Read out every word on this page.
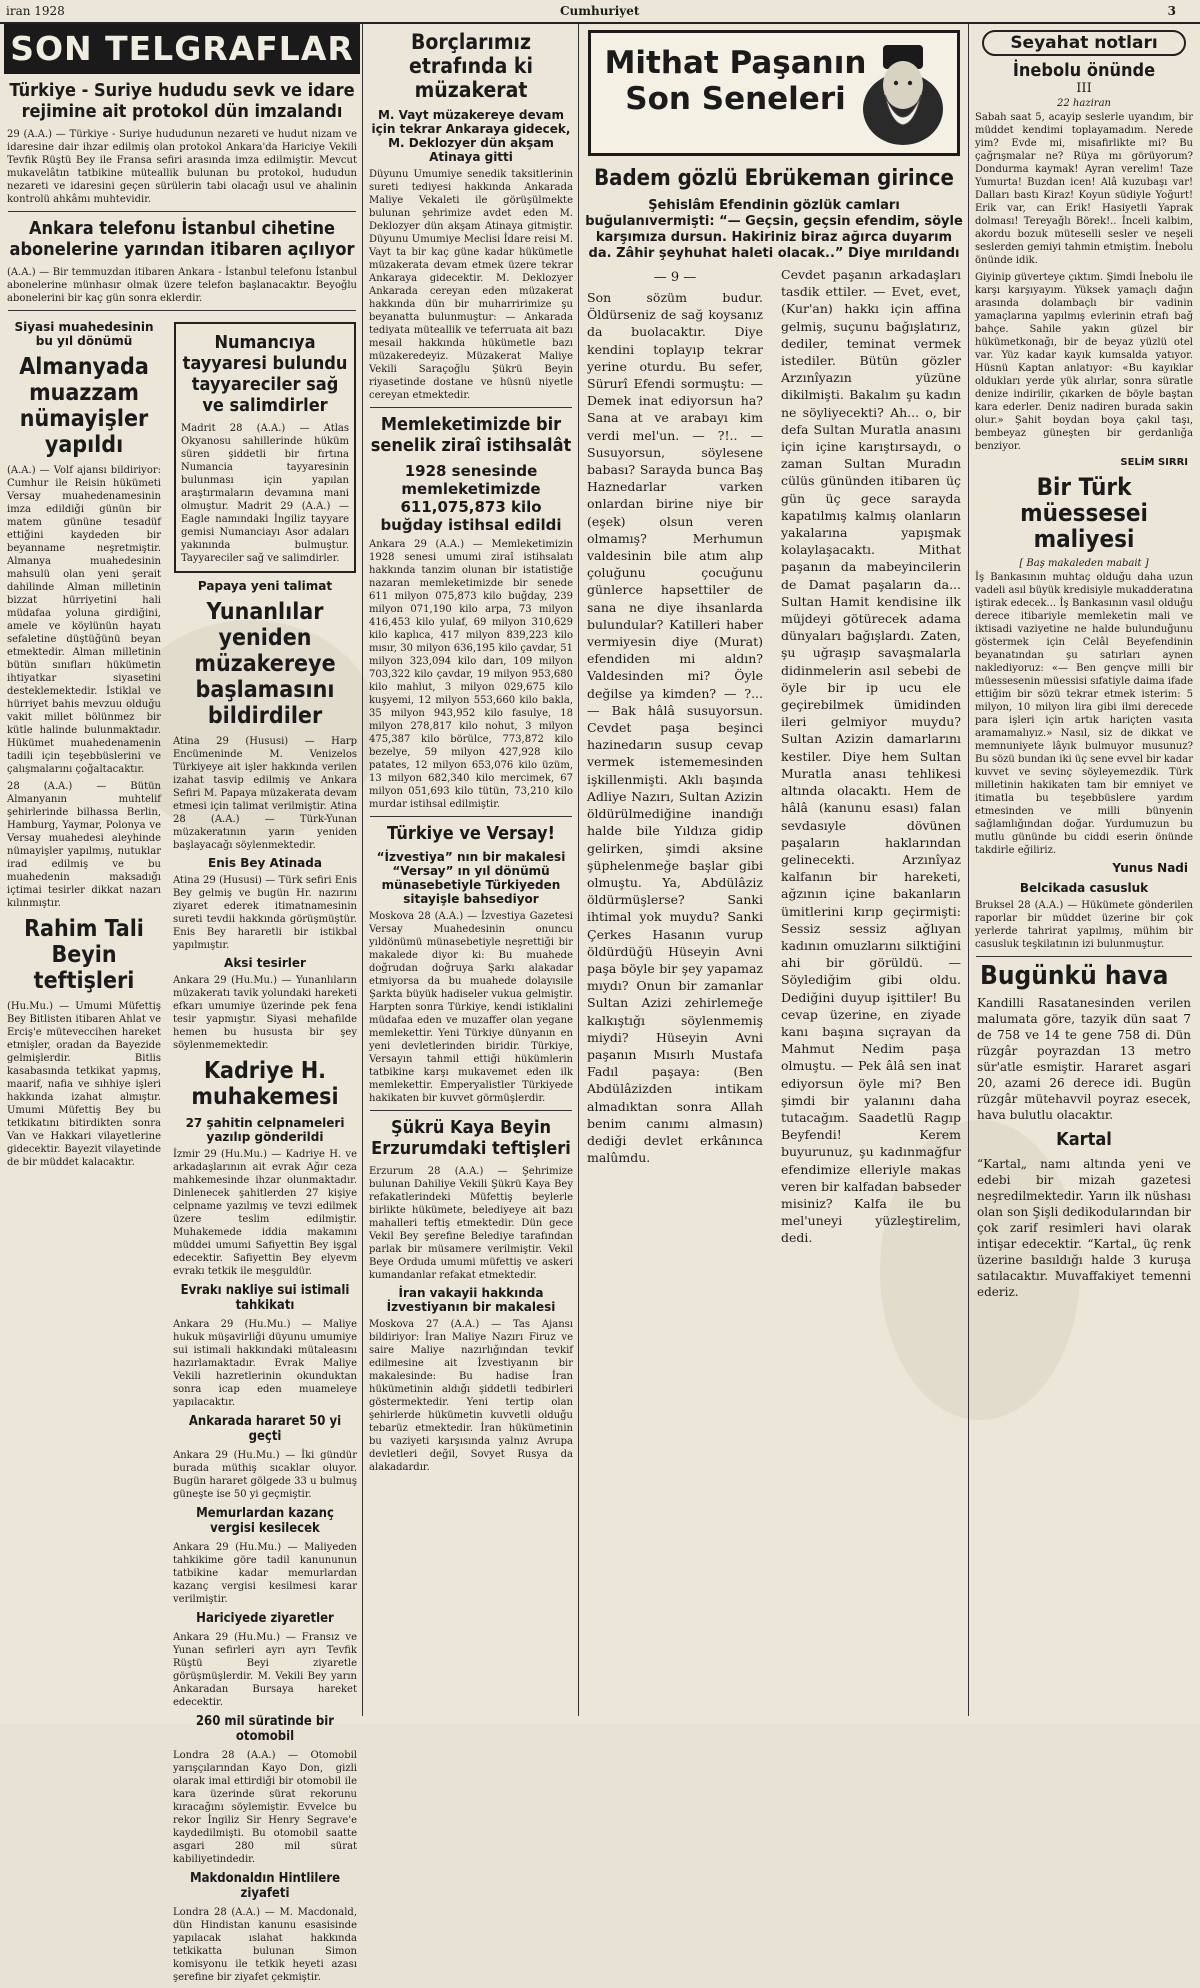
iran 1928	Cumhuriyet	3
SON TELGRAFLAR
Türkiye - Suriye hududu sevk ve idare rejimine ait protokol dün imzalandı

29 (A.A.) — Türkiye - Suriye hududunun nezareti ve hudut nizam ve idaresine dair ihzar edilmiş olan protokol Ankara'da Hariciye Vekili Tevfik Rüştü Bey ile Fransa sefiri arasında imza edilmiştir. Mevcut mukavelâtın tatbikine müteallik bulunan bu protokol, hududun nezareti ve idaresini geçen sürülerin tabi olacağı usul ve ahalinin kontrolü ahkâmı muhtevidir.

Ankara telefonu İstanbul cihetine abonelerine yarından itibaren açılıyor

(A.A.) — Bir temmuzdan itibaren Ankara - İstanbul telefonu İstanbul abonelerine münhasır olmak üzere telefon başlanacaktır. Beyoğlu abonelerini bir kaç gün sonra eklerdir.

Siyasi muahedesinin bu yıl dönümü
Almanyada muazzam nümayişler yapıldı

(A.A.) — Volf ajansı bildiriyor: Cumhur ile Reisin hükümeti Versay muahedenamesinin imza edildiği günün bir matem gününe tesadüf ettiğini kaydeden bir beyanname neşretmiştir. Almanya muahedesinin mahsulü olan yeni şerait dahilinde Alman milletinin bizzat hürriyetini hali müdafaa yoluna girdiğini, amele ve köylünün hayatı sefaletine düştüğünü beyan etmektedir. Alman milletinin bütün sınıfları hükümetin ihtiyatkar siyasetini desteklemektedir. İstiklal ve hürriyet bahis mevzuu olduğu vakit millet bölünmez bir kütle halinde bulunmaktadır. Hükümet muahedenamenin tadili için teşebbüslerini ve çalışmalarını çoğaltacaktır.

28 (A.A.) — Bütün Almanyanın muhtelif şehirlerinde bilhassa Berlin, Hamburg, Yaymar, Polonya ve Versay muahedesi aleyhinde nümayişler yapılmış, nutuklar irad edilmiş ve bu muahedenin maksadığı içtimai tesirler dikkat nazarı kılınmıştır.

Rahim Tali Beyin teftişleri

(Hu.Mu.) — Umumi Müfettiş Bey Bitlisten itibaren Ahlat ve Erciş'e müteveccihen hareket etmişler, oradan da Bayezide gelmişlerdir. Bitlis kasabasında tetkikat yapmış, maarif, nafia ve sıhhiye işleri hakkında izahat almıştır. Umumi Müfettiş Bey bu tetkikatını bitirdikten sonra Van ve Hakkari vilayetlerine gidecektir. Bayezit vilayetinde de bir müddet kalacaktır.

Numancıya tayyaresi bulundu tayyareciler sağ ve salimdirler

Madrit 28 (A.A.) — Atlas Okyanosu sahillerinde hüküm süren şiddetli bir fırtına Numancia tayyaresinin bulunması için yapılan araştırmaların devamına mani olmuştur. Madrit 29 (A.A.) — Eagle namındaki İngiliz tayyare gemisi Numanciayı Asor adaları yakınında bulmuştur. Tayyareciler sağ ve salimdirler.

Papaya yeni talimat
Yunanlılar yeniden müzakereye başlamasını bildirdiler

Atina 29 (Hususi) — Harp Encümeninde M. Venizelos Türkiyeye ait işler hakkında verilen izahat tasvip edilmiş ve Ankara Sefiri M. Papaya müzakerata devam etmesi için talimat verilmiştir. Atina 28 (A.A.) — Türk-Yunan müzakeratının yarın yeniden başlayacağı söylenmektedir.

Enis Bey Atinada

Atina 29 (Hususi) — Türk sefiri Enis Bey gelmiş ve bugün Hr. nazırını ziyaret ederek itimatnamesinin sureti tevdii hakkında görüşmüştür. Enis Bey hararetli bir istikbal yapılmıştır.

Aksi tesirler

Ankara 29 (Hu.Mu.) — Yunanlıların müzakeratı tavik yolundaki hareketi efkarı umumiye üzerinde pek fena tesir yapmıştır. Siyasi mehafilde hemen bu hususta bir şey söylenmemektedir.

Kadriye H. muhakemesi
27 şahitin celpnameleri yazılıp gönderildi

İzmir 29 (Hu.Mu.) — Kadriye H. ve arkadaşlarının ait evrak Ağır ceza mahkemesinde ihzar olunmaktadır. Dinlenecek şahitlerden 27 kişiye celpname yazılmış ve tevzi edilmek üzere teslim edilmiştir. Muhakemede iddia makamını müddei umumi Safiyettin Bey işgal edecektir. Safiyettin Bey elyevm evrakı tetkik ile meşguldür.

Evrakı nakliye sui istimali tahkikatı

Ankara 29 (Hu.Mu.) — Maliye hukuk müşavirliği düyunu umumiye sui istimali hakkındaki mütaleasını hazırlamaktadır. Evrak Maliye Vekili hazretlerinin okunduktan sonra icap eden muameleye yapılacaktır.

Ankarada hararet 50 yi geçti

Ankara 29 (Hu.Mu.) — İki gündür burada müthiş sıcaklar oluyor. Bugün hararet gölgede 33 u bulmuş güneşte ise 50 yi geçmiştir.

Memurlardan kazanç vergisi kesilecek

Ankara 29 (Hu.Mu.) — Maliyeden tahkikime göre tadil kanununun tatbikine kadar memurlardan kazanç vergisi kesilmesi karar verilmiştir.

Hariciyede ziyaretler

Ankara 29 (Hu.Mu.) — Fransız ve Yunan sefirleri ayrı ayrı Tevfik Rüştü Beyi ziyaretle görüşmüşlerdir. M. Vekili Bey yarın Ankaradan Bursaya hareket edecektir.

260 mil süratinde bir otomobil

Londra 28 (A.A.) — Otomobil yarışçılarından Kayo Don, gizli olarak imal ettirdiği bir otomobil ile kara üzerinde sürat rekorunu kıracağını söylemiştir. Evvelce bu rekor İngiliz Sir Henry Segrave'e kaydedilmişti. Bu otomobil saatte asgari 280 mil sürat kabiliyetindedir.

Makdonaldın Hintlilere ziyafeti

Londra 28 (A.A.) — M. Macdonald, dün Hindistan kanunu esasisinde yapılacak ıslahat hakkında tetkikatta bulunan Simon komisyonu ile tetkik heyeti azası şerefine bir ziyafet çekmiştir.

Borçlarımız etrafında ki müzakerat
M. Vayt müzakereye devam için tekrar Ankaraya gidecek, M. Deklozyer dün akşam Atinaya gitti

Düyunu Umumiye senedik taksitlerinin sureti tediyesi hakkında Ankarada Maliye Vekaleti ile görüşülmekte bulunan şehrimize avdet eden M. Deklozyer dün akşam Atinaya gitmiştir. Düyunu Umumiye Meclisi İdare reisi M. Vayt ta bir kaç güne kadar hükümetle müzakerata devam etmek üzere tekrar Ankaraya gidecektir. M. Deklozyer Ankarada cereyan eden müzakerat hakkında dün bir muharririmize şu beyanatta bulunmuştur: — Ankarada tediyata müteallik ve teferruata ait bazı mesail hakkında hükümetle bazı müzakeredeyiz. Müzakerat Maliye Vekili Saraçoğlu Şükrü Beyin riyasetinde dostane ve hüsnü niyetle cereyan etmektedir.

Memleketimizde bir senelik ziraî istihsalât
1928 senesinde memleketimizde 611,075,873 kilo buğday istihsal edildi

Ankara 29 (A.A.) — Memleketimizin 1928 senesi umumi ziraî istihsalatı hakkında tanzim olunan bir istatistiğe nazaran memleketimizde bir senede 611 milyon 075,873 kilo buğday, 239 milyon 071,190 kilo arpa, 73 milyon 416,453 kilo yulaf, 69 milyon 310,629 kilo kaplıca, 417 milyon 839,223 kilo mısır, 30 milyon 636,195 kilo çavdar, 51 milyon 323,094 kilo darı, 109 milyon 703,322 kilo çavdar, 19 milyon 953,680 kilo mahlut, 3 milyon 029,675 kilo kuşyemi, 12 milyon 553,660 kilo bakla, 35 milyon 943,952 kilo fasulye, 18 milyon 278,817 kilo nohut, 3 milyon 475,387 kilo börülce, 773,872 kilo bezelye, 59 milyon 427,928 kilo patates, 12 milyon 653,076 kilo üzüm, 13 milyon 682,340 kilo mercimek, 67 milyon 051,693 kilo tütün, 73,210 kilo murdar istihsal edilmiştir.

Türkiye ve Versay!
“İzvestiya” nın bir makalesi “Versay” ın yıl dönümü münasebetiyle Türkiyeden sitayişle bahsediyor

Moskova 28 (A.A.) — İzvestiya Gazetesi Versay Muahedesinin onuncu yıldönümü münasebetiyle neşrettiği bir makalede diyor ki: Bu muahede doğrudan doğruya Şarkı alakadar etmiyorsa da bu muahede dolayısile Şarkta büyük hadiseler vukua gelmiştir. Harpten sonra Türkiye, kendi istiklalini müdafaa eden ve muzaffer olan yegane memlekettir. Yeni Türkiye dünyanın en yeni devletlerinden biridir. Türkiye, Versayın tahmil ettiği hükümlerin tatbikine karşı mukavemet eden ilk memlekettir. Emperyalistler Türkiyede hakikaten bir kuvvet görmüşlerdir.

Şükrü Kaya Beyin Erzurumdaki teftişleri

Erzurum 28 (A.A.) — Şehrimize bulunan Dahiliye Vekili Şükrü Kaya Bey refakatlerindeki Müfettiş beylerle birlikte hükümete, belediyeye ait bazı mahalleri teftiş etmektedir. Dün gece Vekil Bey şerefine Belediye tarafından parlak bir müsamere verilmiştir. Vekil Beye Orduda umumi müfettiş ve askeri kumandanlar refakat etmektedir.

İran vakayii hakkında İzvestiyanın bir makalesi

Moskova 27 (A.A.) — Tas Ajansı bildiriyor: İran Maliye Nazırı Firuz ve saire Maliye nazırlığından tevkif edilmesine ait İzvestiyanın bir makalesinde: Bu hadise İran hükümetinin aldığı şiddetli tedbirleri göstermektedir. Yeni tertip olan şehirlerde hükümetin kuvvetli olduğu tebarüz etmektedir. İran hükümetinin bu vaziyeti karşısında yalnız Avrupa devletleri değil, Sovyet Rusya da alakadardır.

Mithat Paşanın Son Seneleri
Badem gözlü Ebrükeman girince
Şehislâm Efendinin gözlük camları buğulanıvermişti: “— Geçsin, geçsin efendim, söyle karşımıza dursun. Hakiriniz biraz ağırca duyarım da. Zâhir şeyhuhat haleti olacak..” Diye mırıldandı
— 9 —

Son sözüm budur. Öldürseniz de sağ koysanız da buolacaktır. Diye kendini toplayıp tekrar yerine oturdu. Bu sefer, Sürurî Efendi sormuştu: — Demek inat ediyorsun ha? Sana at ve arabayı kim verdi mel'un. — ?!.. — Susuyorsun, söylesene babası? Sarayda bunca Baş Haznedarlar varken onlardan birine niye bir (eşek) olsun veren olmamış? Merhumun valdesinin bile atım alıp çoluğunu çocuğunu günlerce hapsettiler de sana ne diye ihsanlarda bulundular? Katilleri haber vermiyesin diye (Murat) efendiden mi aldın? Valdesinden mi? Öyle değilse ya kimden? — ?... — Bak hâlâ susuyorsun. Cevdet paşa beşinci hazinedarın susup cevap vermek istememesinden işkillenmişti. Aklı başında Adliye Nazırı, Sultan Azizin öldürülmediğine inandığı halde bile Yıldıza gidip gelirken, şimdi aksine şüphelenmeğe başlar gibi olmuştu. Ya, Abdülâziz öldürmüşlerse? Sanki ihtimal yok muydu? Sanki Çerkes Hasanın vurup öldürdüğü Hüseyin Avni paşa böyle bir şey yapamaz mıydı? Onun bir zamanlar Sultan Azizi zehirlemeğe kalkıştığı söylenmemiş miydi? Hüseyin Avni paşanın Mısırlı Mustafa Fadıl paşaya: (Ben Abdülâzizden intikam almadıktan sonra Allah benim canımı almasın) dediği devlet erkânınca malûmdu.

Cevdet paşanın arkadaşları tasdik ettiler. — Evet, evet, (Kur'an) hakkı için affina gelmiş, suçunu bağışlatırız, dediler, teminat vermek istediler. Bütün gözler Arzınîyazın yüzüne dikilmişti. Bakalım şu kadın ne söyliyecekti? Ah... o, bir defa Sultan Muratla anasını için içine karıştırsaydı, o zaman Sultan Muradın cülüs gününden itibaren üç gün üç gece sarayda kapatılmış kalmış olanların yakalarına yapışmak kolaylaşacaktı. Mithat paşanın da mabeyincilerin de Damat paşaların da... Sultan Hamit kendisine ilk müjdeyi götürecek adama dünyaları bağışlardı. Zaten, şu uğraşıp savaşmalarla didinmelerin asıl sebebi de öyle bir ip ucu ele geçirebilmek ümidinden ileri gelmiyor muydu? Sultan Azizin damarlarını kestiler. Diye hem Sultan Muratla anası tehlikesi altında olacaktı. Hem de hâlâ (kanunu esası) falan sevdasıyle dövünen paşaların haklarından gelinecekti. Arzınîyaz kalfanın bir hareketi, ağzının içine bakanların ümitlerini kırıp geçirmişti: Sessiz sessiz ağlıyan kadının omuzlarını silktiğini ahi bir görüldü. — Söylediğim gibi oldu. Dediğini duyup işittiler! Bu cevap üzerine, en ziyade kanı başına sıçrayan da Mahmut Nedim paşa olmuştu. — Pek âlâ sen inat ediyorsun öyle mi? Ben şimdi bir yalanını daha tutacağım. Saadetlü Ragıp Beyfendi! Kerem buyurunuz, şu kadınmağfur efendimize elleriyle makas veren bir kalfadan babseder misiniz? Kalfa ile bu mel'uneyi yüzleştirelim, dedi.

Seyahat notları
İnebolu önünde
III
22 haziran

Sabah saat 5, acayip seslerle uyandım, bir müddet kendimi toplayamadım. Nerede yim? Evde mi, misafirlikte mi? Bu çağrışmalar ne? Rüya mı görüyorum? Dondurma kaymak! Ayran verelim! Taze Yumurta! Buzdan icen! Alâ kuzubaşı var! Dalları bastı Kiraz! Koyun südiyle Yoğurt! Erik var, can Erik! Hasiyetli Yaprak dolması! Tereyağlı Börek!.. İnceli kalbim, akordu bozuk müteselli sesler ve neşeli seslerden gemiyi tahmin etmiştim. İnebolu önünde idik.

Giyinip güverteye çıktım. Şimdi İnebolu ile karşı karşıyayım. Yüksek yamaçlı dağın arasında dolambaçlı bir vadinin yamaçlarına yapılmış evlerinin etrafı bağ bahçe. Sahile yakın güzel bir hükümetkonağı, bir de beyaz yüzlü otel var. Yüz kadar kayık kumsalda yatıyor. Hüsnü Kaptan anlatıyor: «Bu kayıklar oldukları yerde yük alırlar, sonra süratle denize indirilir, çıkarken de böyle baştan kara ederler. Deniz nadiren burada sakin olur.» Şahit boydan boya çakıl taşı, bembeyaz güneşten bir gerdanlığa benziyor.

SELİM SIRRI
Bir Türk müessesei maliyesi
[ Baş makaleden mabait ]

İş Bankasının muhtaç olduğu daha uzun vadeli asıl büyük kredisiyle mukadderatına iştirak edecek... İş Bankasının vasıl olduğu derece itibariyle memleketin mali ve iktisadi vaziyetine ne halde bulunduğunu göstermek için Celâl Beyefendinin beyanatından şu satırları aynen naklediyoruz: «— Ben gençve milli bir müessesenin müessisi sıfatiyle daima ifade ettiğim bir sözü tekrar etmek isterim: 5 milyon, 10 milyon lira gibi ilmi derecede para işleri için artık hariçten vasıta aramamalıyız.» Nasıl, siz de dikkat ve memnuniyete lâyık bulmuyor musunuz? Bu sözü bundan iki üç sene evvel bir kadar kuvvet ve sevinç söyleyemezdik. Türk milletinin hakikaten tam bir emniyet ve itimatla bu teşebbüslere yardım etmesinden ve milli bünyenin sağlamlığından doğar. Yurdumuzun bu mutlu gününde bu ciddi eserin önünde takdirle eğiliriz.

Yunus Nadi
Belcikada casusluk

Bruksel 28 (A.A.) — Hükümete gönderilen raporlar bir müddet üzerine bir çok yerlerde tahrirat yapılmış, mühim bir casusluk teşkilatının izi bulunmuştur.

Bugünkü hava

Kandilli Rasatanesinden verilen malumata göre, tazyik dün saat 7 de 758 ve 14 te gene 758 di. Dün rüzgâr poyrazdan 13 metro sür'atle esmiştir. Hararet asgari 20, azami 26 derece idi. Bugün rüzgâr mütehavvil poyraz esecek, hava bulutlu olacaktır.

Kartal

“Kartal„ namı altında yeni ve edebi bir mizah gazetesi neşredilmektedir. Yarın ilk nüshası olan son Şişli dedikodularından bir çok zarif resimleri havi olarak intişar edecektir. “Kartal„ üç renk üzerine basıldığı halde 3 kuruşa satılacaktır. Muvaffakiyet temenni ederiz.
